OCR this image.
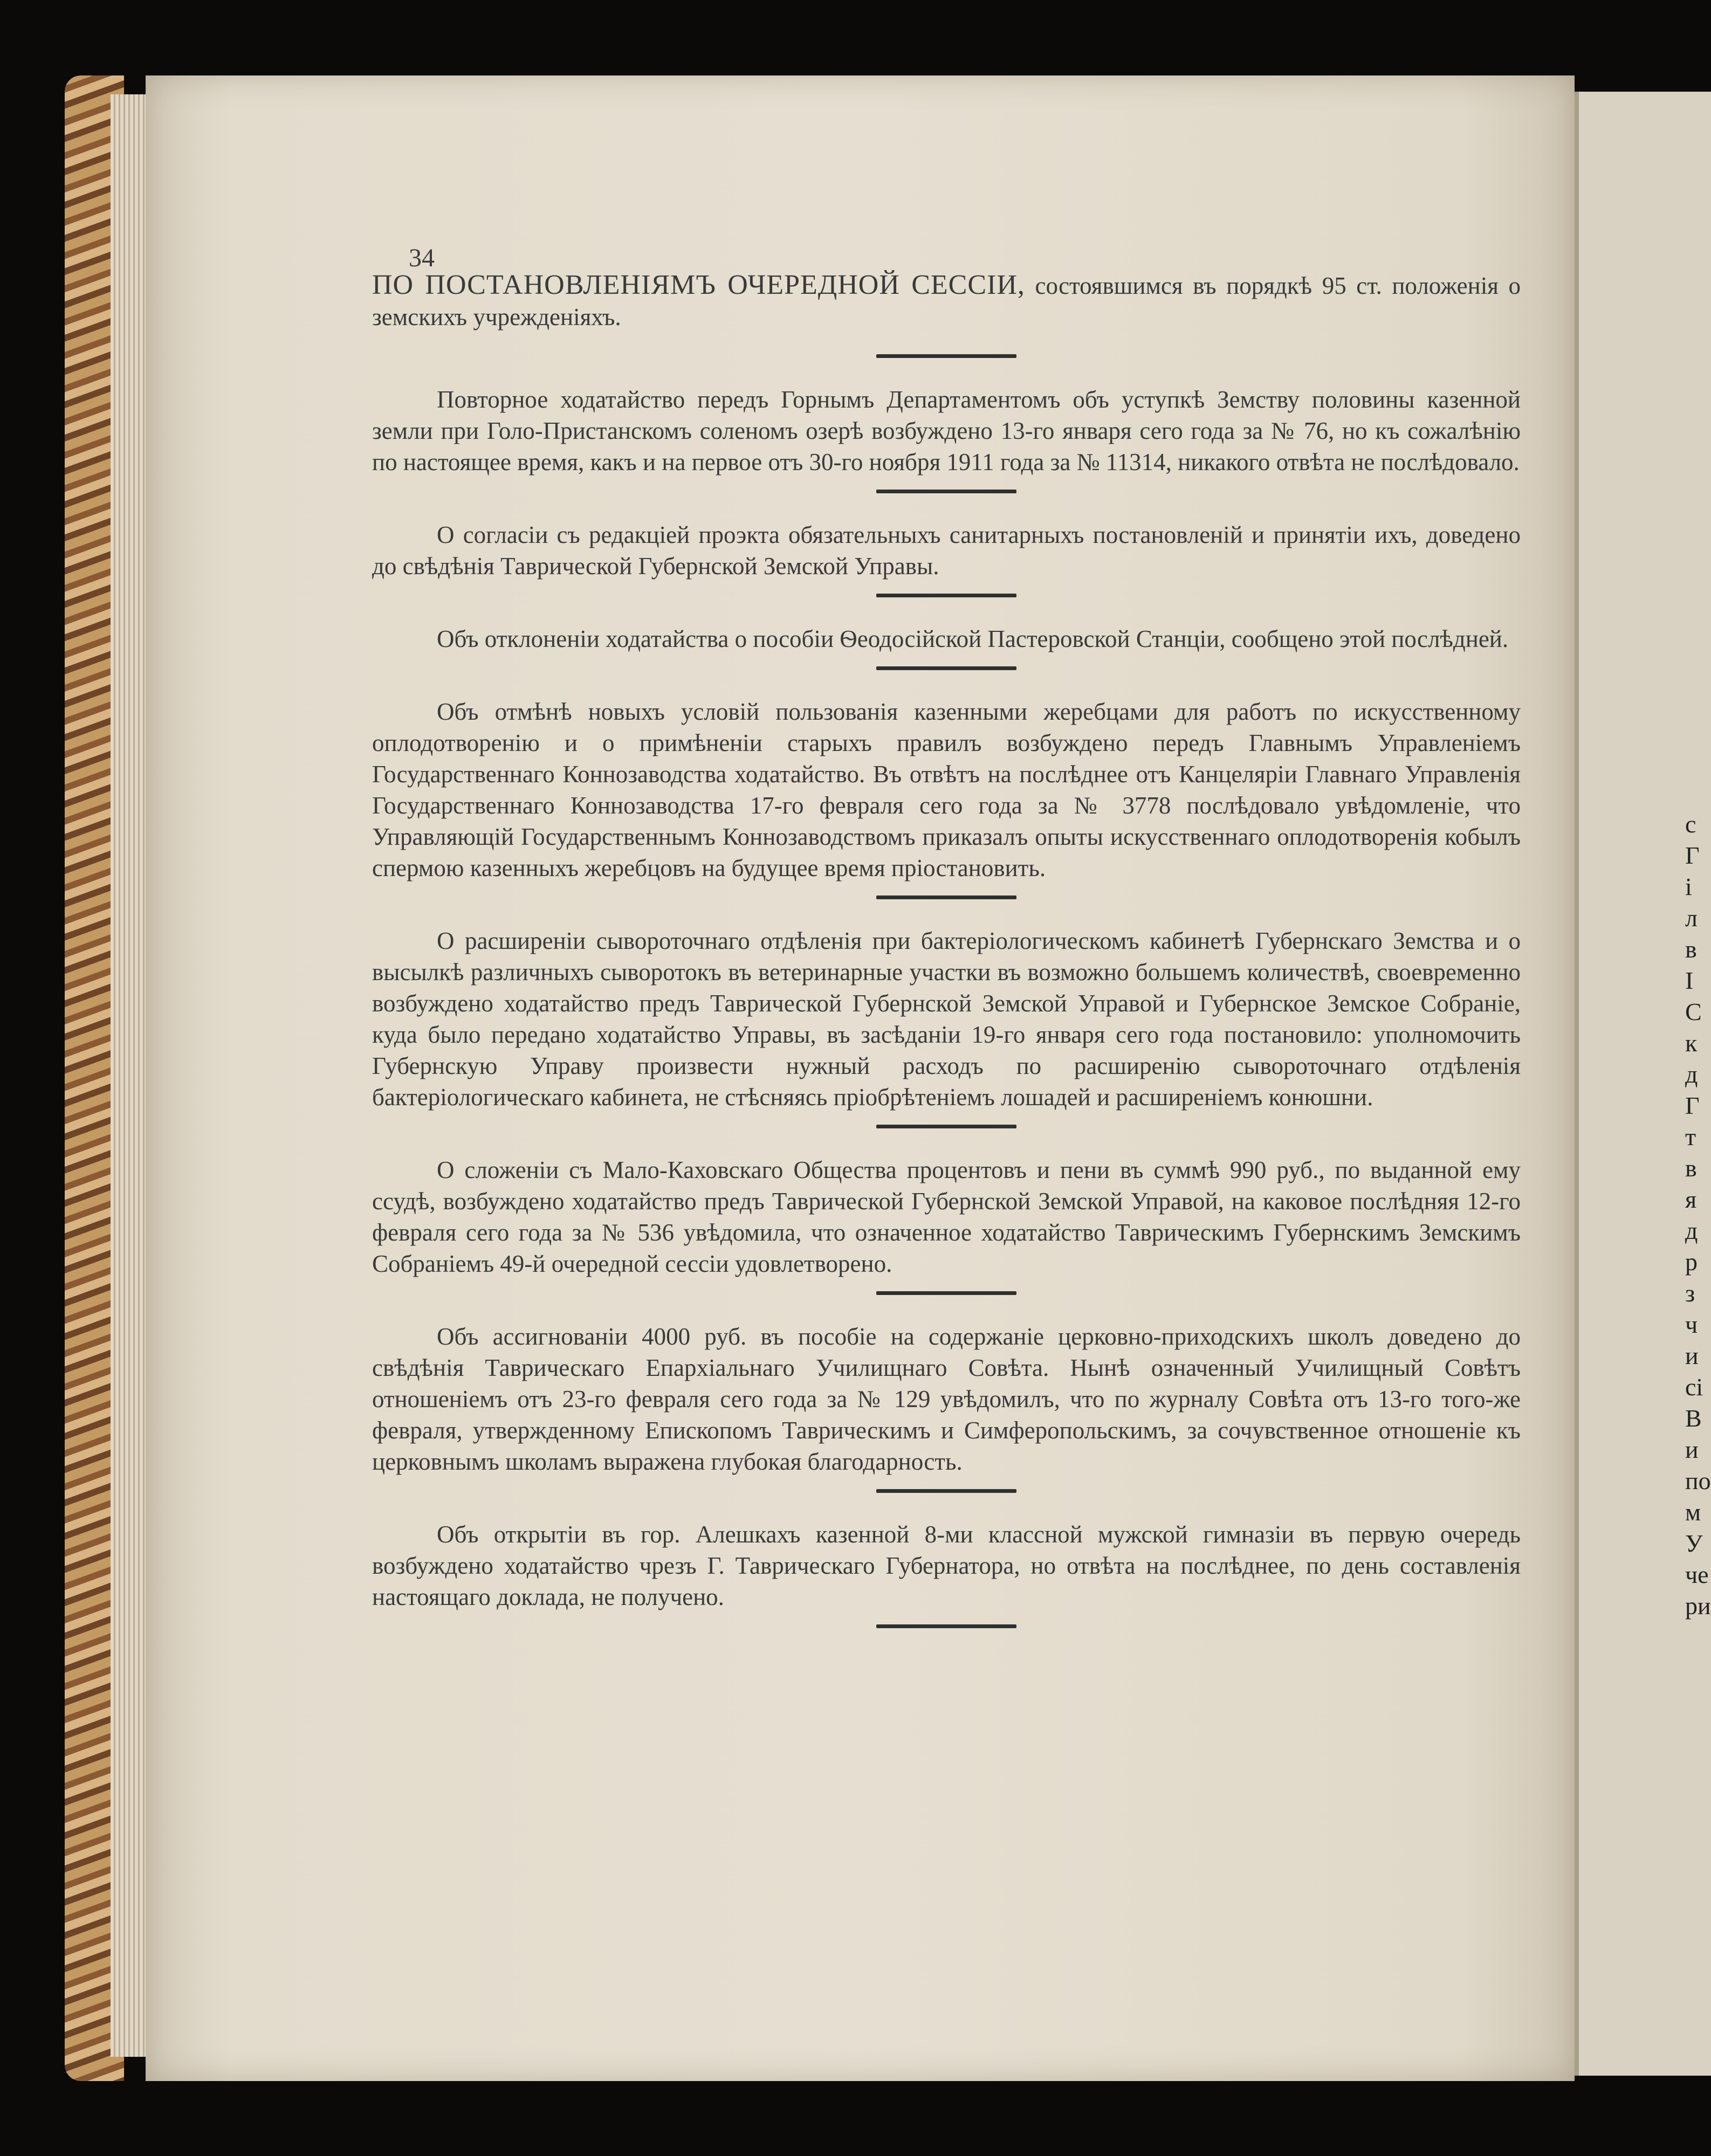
с
Г
і
л
в
І
С
к
д
Г
т
в
я
д
р
з
ч
и
сі
В
и
по
м
У
че
ри
34

ПО ПОСТАНОВЛЕНІЯМЪ ОЧЕРЕДНОЙ СЕССІИ, состоявшимся въ порядкѣ 95 ст. положенія о земскихъ учрежденіяхъ.

Повторное ходатайство передъ Горнымъ Департаментомъ объ уступкѣ Земству половины казенной земли при Голо-Пристанскомъ соленомъ озерѣ возбуждено 13-го января сего года за № 76, но къ сожалѣнію по настоящее время, какъ и на первое отъ 30-го ноября 1911 года за № 11314, никакого отвѣта не послѣдовало.

О согласіи съ редакціей проэкта обязательныхъ санитарныхъ постановленій и принятіи ихъ, доведено до свѣдѣнія Таврической Губернской Земской Управы.

Объ отклоненіи ходатайства о пособіи Ѳеодосійской Пастеровской Станціи, сообщено этой послѣдней.

Объ отмѣнѣ новыхъ условій пользованія казенными жеребцами для работъ по искусственному оплодотворенію и о примѣненіи старыхъ правилъ возбуждено передъ Главнымъ Управленіемъ Государственнаго Коннозаводства ходатайство. Въ отвѣтъ на послѣднее отъ Канцеляріи Главнаго Управленія Государственнаго Коннозаводства 17-го февраля сего года за № 3778 послѣдовало увѣдомленіе, что Управляющій Государственнымъ Коннозаводствомъ приказалъ опыты искусственнаго оплодотворенія кобылъ спермою казенныхъ жеребцовъ на будущее время пріостановить.

О расширеніи сывороточнаго отдѣленія при бактеріологическомъ кабинетѣ Губернскаго Земства и о высылкѣ различныхъ сыворотокъ въ ветеринарные участки въ возможно большемъ количествѣ, своевременно возбуждено ходатайство предъ Таврической Губернской Земской Управой и Губернское Земское Собраніе, куда было передано ходатайство Управы, въ засѣданіи 19-го января сего года постановило: уполномочить Губернскую Управу произвести нужный расходъ по расширенію сывороточнаго отдѣленія бактеріологическаго кабинета, не стѣсняясь пріобрѣтеніемъ лошадей и расширеніемъ конюшни.

О сложеніи съ Мало-Каховскаго Общества процентовъ и пени въ суммѣ 990 руб., по выданной ему ссудѣ, возбуждено ходатайство предъ Таврической Губернской Земской Управой, на каковое послѣдняя 12-го февраля сего года за № 536 увѣдомила, что означенное ходатайство Таврическимъ Губернскимъ Земскимъ Собраніемъ 49-й очередной сессіи удовлетворено.

Объ ассигнованіи 4000 руб. въ пособіе на содержаніе церковно-приходскихъ школъ доведено до свѣдѣнія Таврическаго Епархіальнаго Училищнаго Совѣта. Нынѣ означенный Училищный Совѣтъ отношеніемъ отъ 23-го февраля сего года за № 129 увѣдомилъ, что по журналу Совѣта отъ 13-го того-же февраля, утвержденному Епископомъ Таврическимъ и Симферопольскимъ, за сочувственное отношеніе къ церковнымъ школамъ выражена глубокая благодарность.

Объ открытіи въ гор. Алешкахъ казенной 8-ми классной мужской гимназіи въ первую очередь возбуждено ходатайство чрезъ Г. Таврическаго Губернатора, но отвѣта на послѣднее, по день составленія настоящаго доклада, не получено.
